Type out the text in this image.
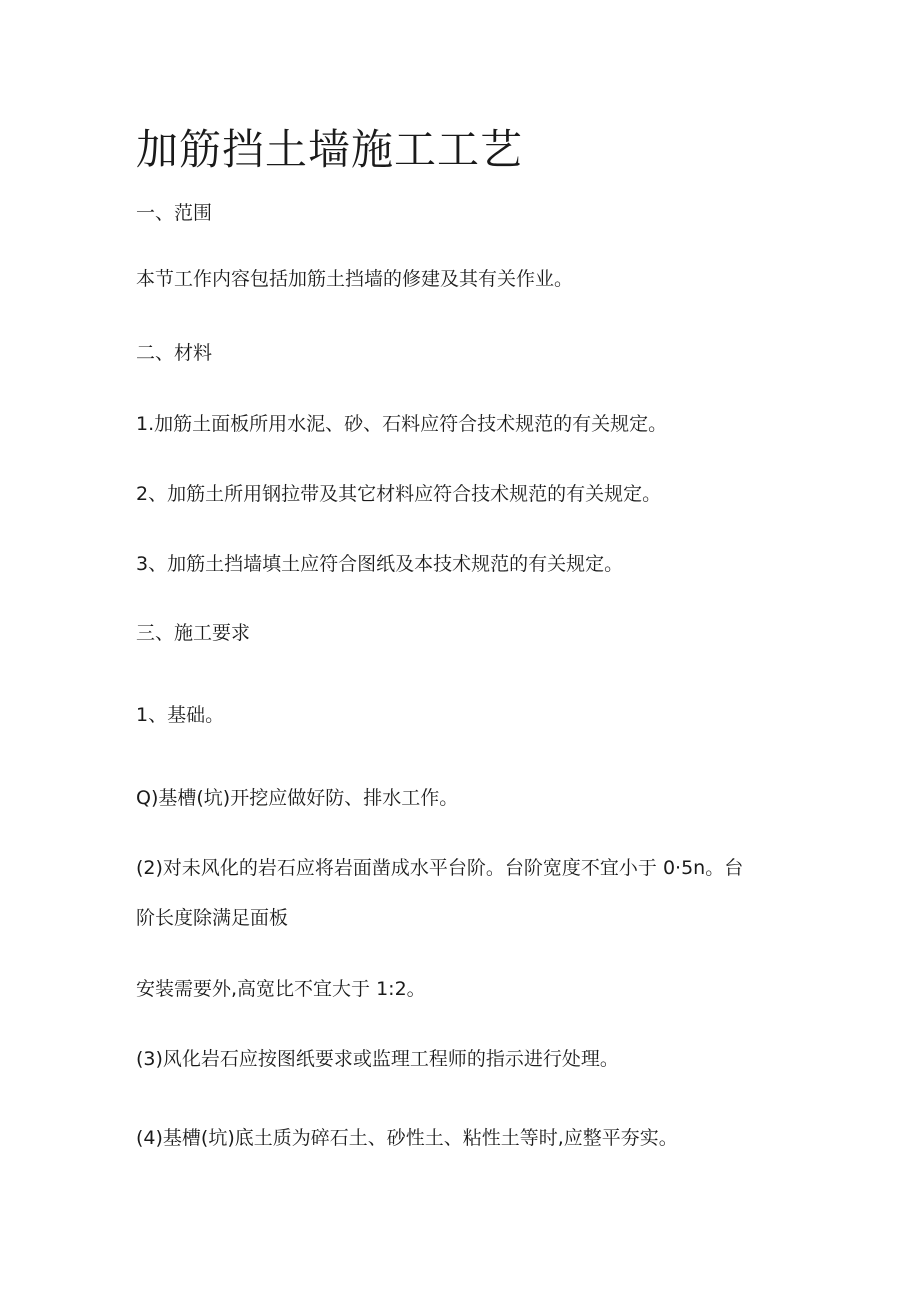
加筋挡土墙施工工艺

一、范围

本节工作内容包括加筋土挡墙的修建及其有关作业。

二、材料

1.加筋土面板所用水泥、砂、石料应符合技术规范的有关规定。

2、加筋土所用钢拉带及其它材料应符合技术规范的有关规定。

3、加筋土挡墙填土应符合图纸及本技术规范的有关规定。

三、施工要求

1、基础。

Q)基槽(坑)开挖应做好防、排水工作。

(2)对未风化的岩石应将岩面凿成水平台阶。台阶宽度不宜小于 0·5n。台

阶长度除满足面板

安装需要外,高宽比不宜大于 1:2。

(3)风化岩石应按图纸要求或监理工程师的指示进行处理。

(4)基槽(坑)底土质为碎石土、砂性土、粘性土等时,应整平夯实。
